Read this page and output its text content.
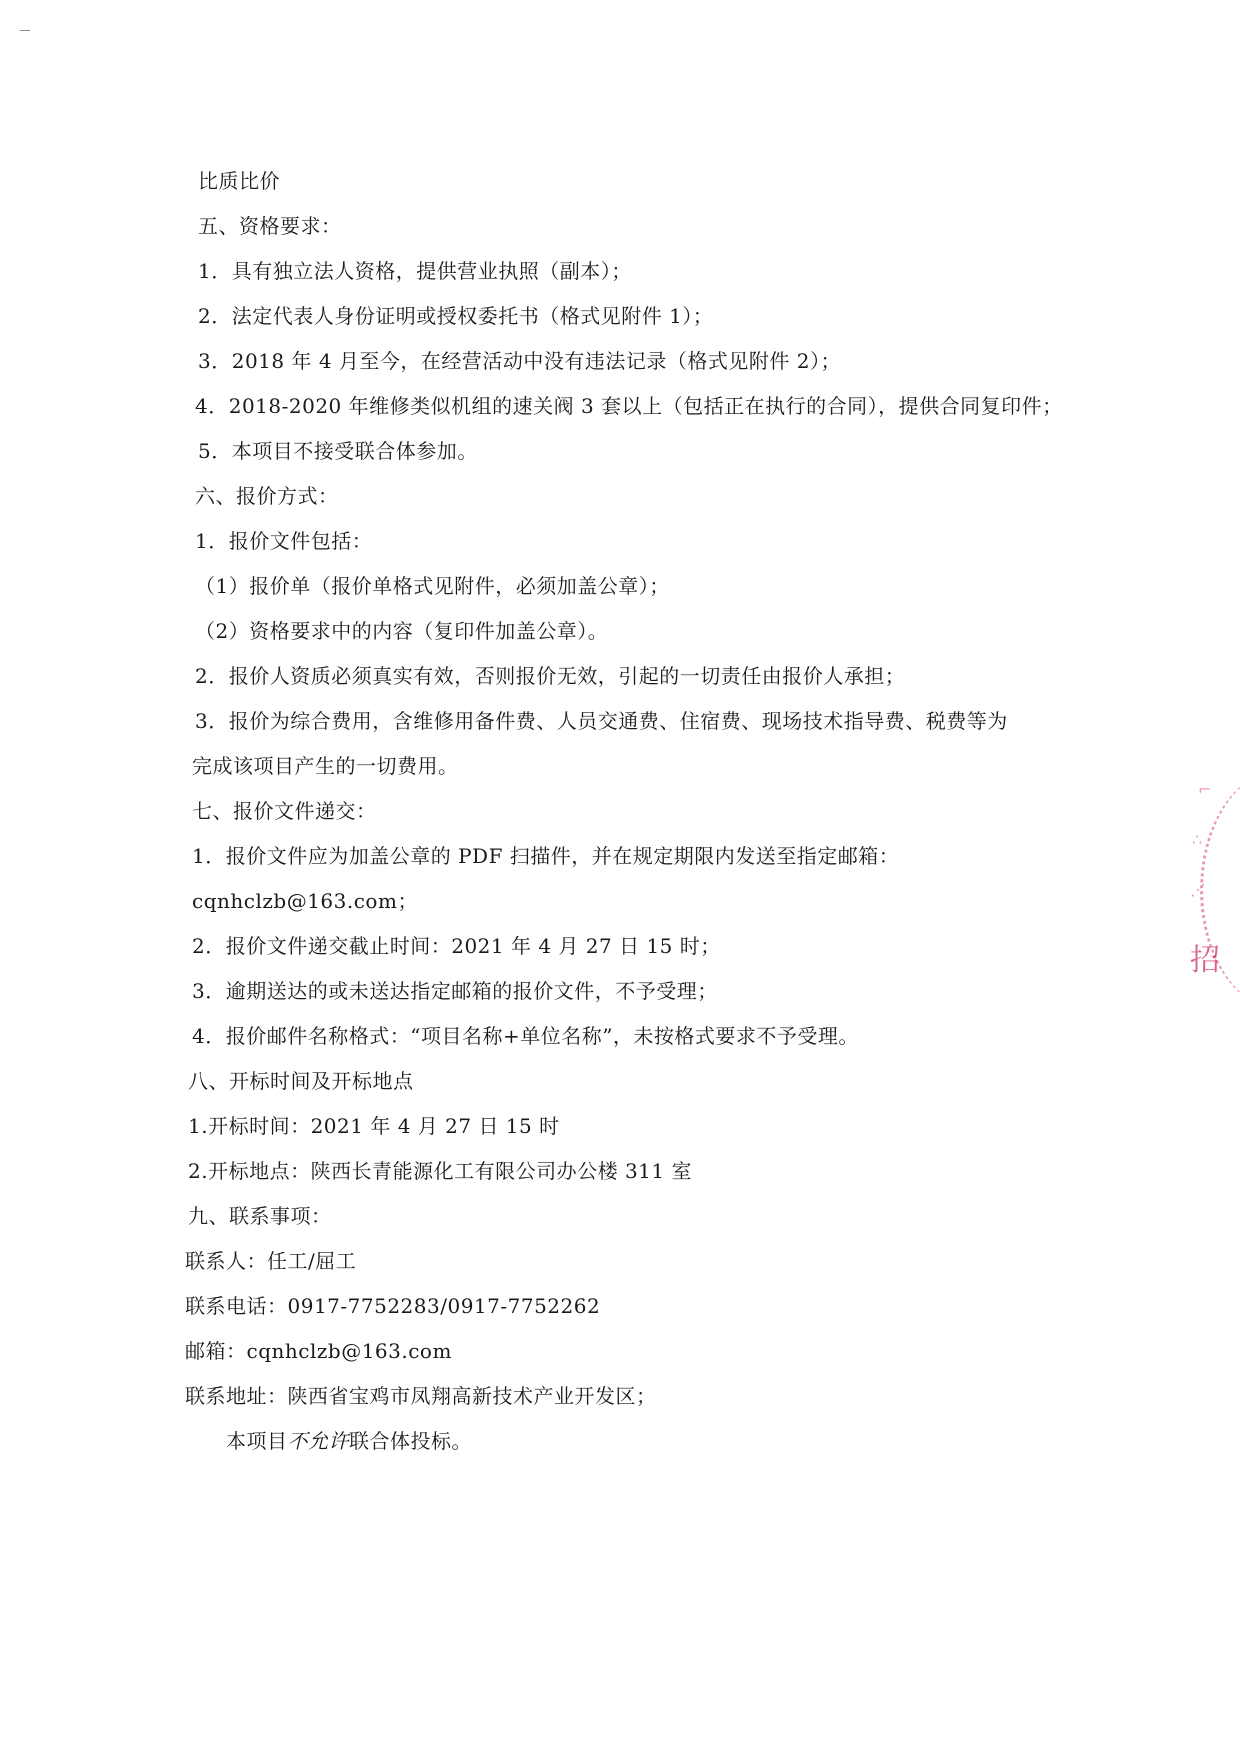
比质比价
五、资格要求：
1．具有独立法人资格，提供营业执照（副本）；
2．法定代表人身份证明或授权委托书（格式见附件 1）；
3．2018 年 4 月至今，在经营活动中没有违法记录（格式见附件 2）；
4．2018-2020 年维修类似机组的速关阀 3 套以上（包括正在执行的合同），提供合同复印件；
5．本项目不接受联合体参加。
六、报价方式：
1．报价文件包括：
（1）报价单（报价单格式见附件，必须加盖公章）；
（2）资格要求中的内容（复印件加盖公章）。
2．报价人资质必须真实有效，否则报价无效，引起的一切责任由报价人承担；
3．报价为综合费用，含维修用备件费、人员交通费、住宿费、现场技术指导费、税费等为
完成该项目产生的一切费用。
七、报价文件递交：
1．报价文件应为加盖公章的 PDF 扫描件，并在规定期限内发送至指定邮箱：
cqnhclzb@163.com；
2．报价文件递交截止时间：2021 年 4 月 27 日 15 时；
3．逾期送达的或未送达指定邮箱的报价文件，不予受理；
4．报价邮件名称格式：“项目名称+单位名称”，未按格式要求不予受理。
八、开标时间及开标地点
1.开标时间：2021 年 4 月 27 日 15 时
2.开标地点：陕西长青能源化工有限公司办公楼 311 室
九、联系事项：
联系人：任工/屈工
联系电话：0917-7752283/0917-7752262
邮箱：cqnhclzb@163.com
联系地址：陕西省宝鸡市凤翔高新技术产业开发区；
本项目不允许联合体投标。
⌐
∴
⋰
招
